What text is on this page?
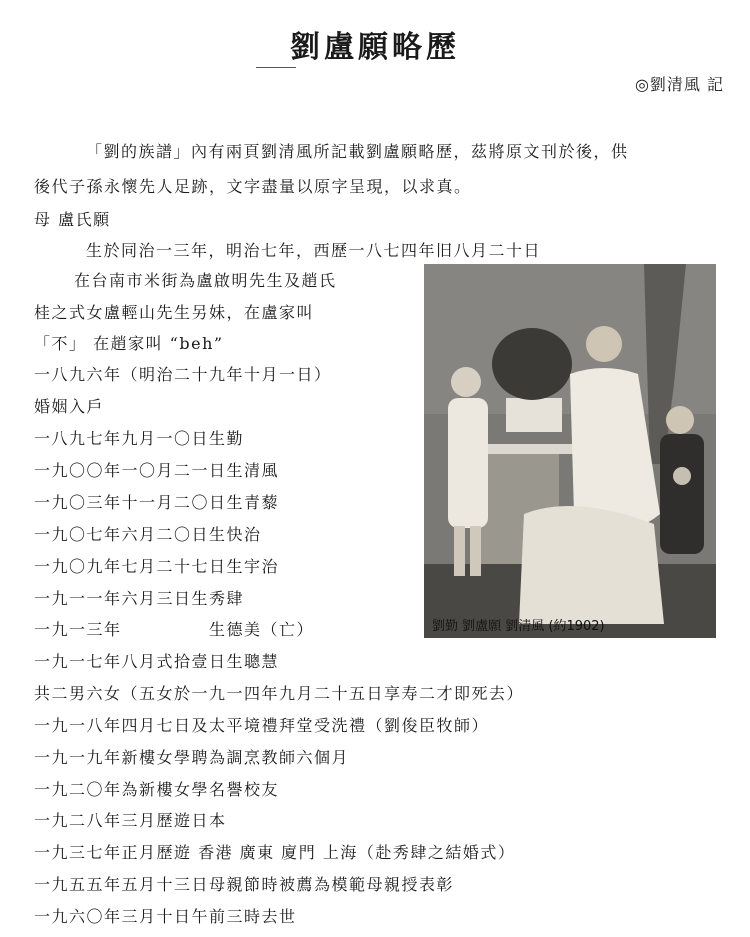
劉盧願略歷
◎劉清風 記
「劉的族譜」內有兩頁劉清風所記載劉盧願略歷，茲將原文刊於後，供
後代子孫永懷先人足跡，文字盡量以原字呈現，以求真。
母 盧氏願
生於同治一三年，明治七年，西歷一八七四年旧八月二十日
在台南市米街為盧啟明先生及趙氏
桂之式女盧輕山先生另妹，在盧家叫
「不」 在趙家叫 “beh”
一八九六年（明治二十九年十月一日）
婚姻入戶
一八九七年九月一〇日生勤
一九〇〇年一〇月二一日生清風
一九〇三年十一月二〇日生青藜
一九〇七年六月二〇日生快治
一九〇九年七月二十七日生宇治
一九一一年六月三日生秀肆
一九一三年　　　　　生德美（亡）
一九一七年八月式拾壹日生聰慧
共二男六女（五女於一九一四年九月二十五日享寿二才即死去）
一九一八年四月七日及太平境禮拜堂受洗禮（劉俊臣牧師）
一九一九年新樓女學聘為調烹教師六個月
一九二〇年為新樓女學名譽校友
一九二八年三月歷遊日本
一九三七年正月歷遊 香港 廣東 廈門 上海（赴秀肆之結婚式）
一九五五年五月十三日母親節時被薦為模範母親授表彰
一九六〇年三月十日午前三時去世
劉勤 劉盧願 劉清風 (約1902)
